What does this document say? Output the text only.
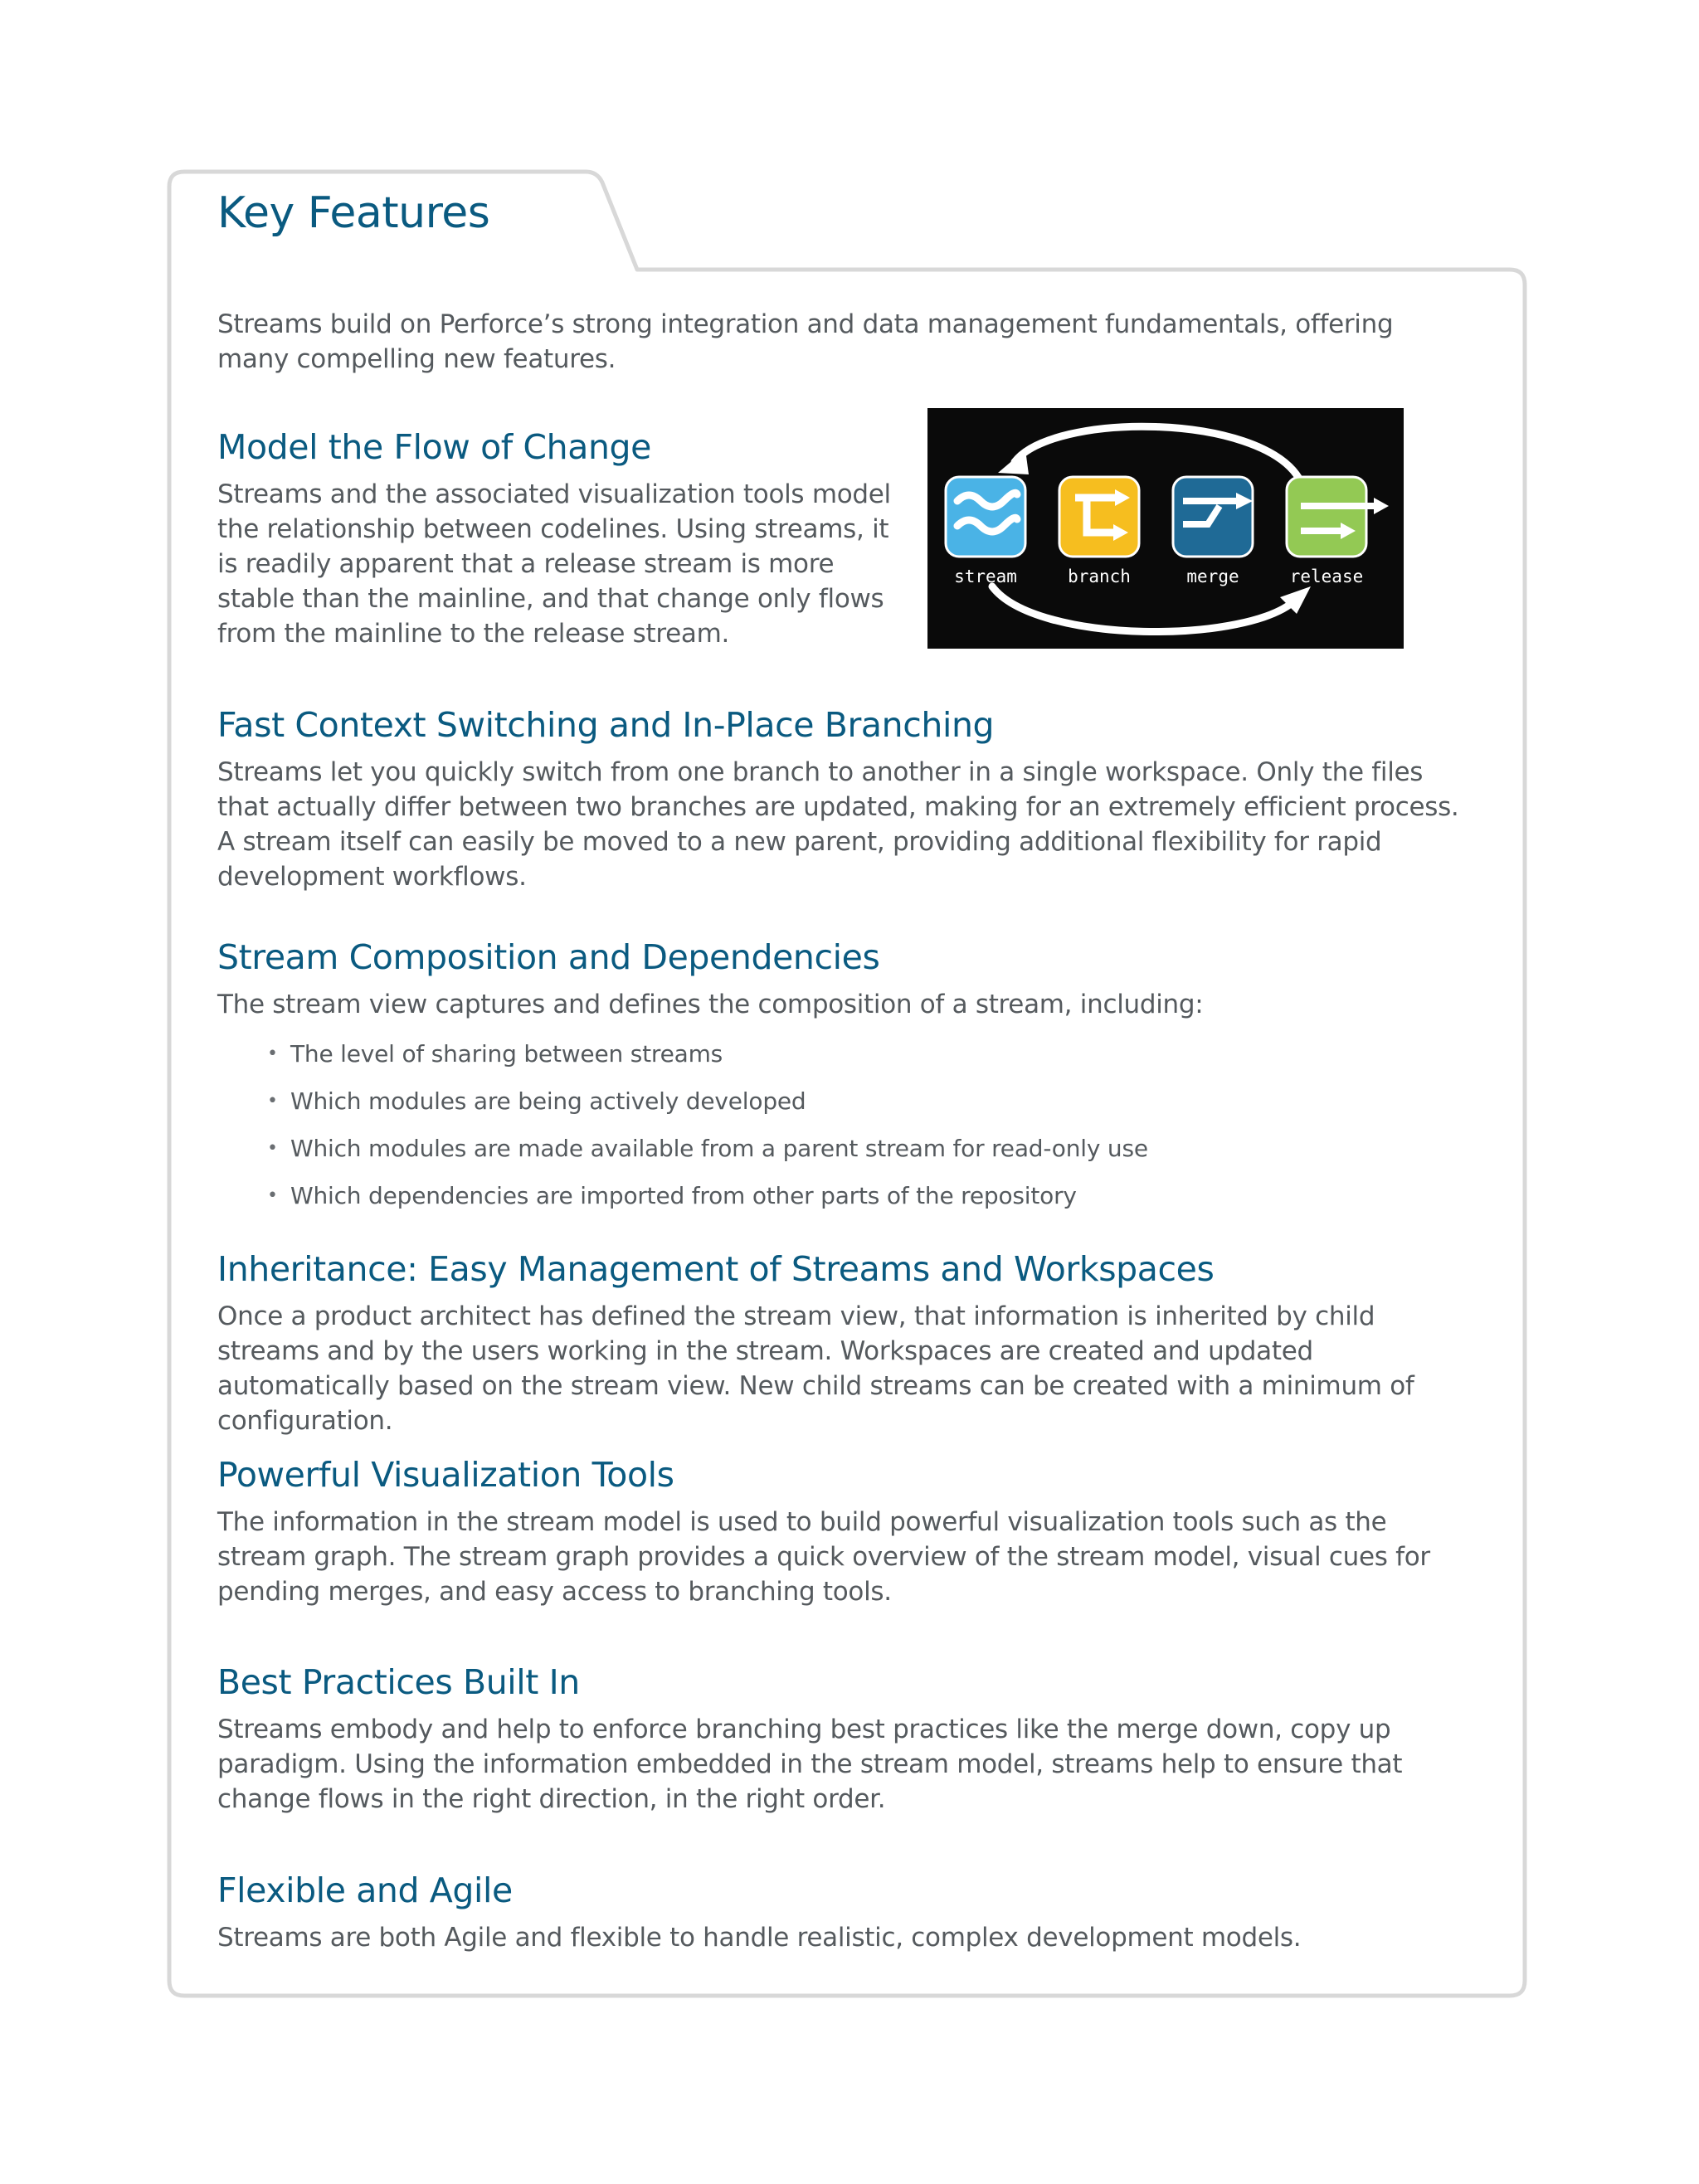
Key Features

Streams build on Perforce’s strong integration and data management fundamentals, offering many compelling new features.

Model the Flow of Change

Streams and the associated visualization tools model the relationship between codelines. Using streams, it is readily apparent that a release stream is more stable than the mainline, and that change only flows from the mainline to the release stream.

stream	branch	merge	release
Fast Context Switching and In-Place Branching

Streams let you quickly switch from one branch to another in a single workspace. Only the files that actually differ between two branches are updated, making for an extremely efficient process. A stream itself can easily be moved to a new parent, providing additional flexibility for rapid development workflows.

Stream Composition and Dependencies

The stream view captures and defines the composition of a stream, including:

• The level of sharing between streams
• Which modules are being actively developed
• Which modules are made available from a parent stream for read-only use
• Which dependencies are imported from other parts of the repository
Inheritance: Easy Management of Streams and Workspaces

Once a product architect has defined the stream view, that information is inherited by child streams and by the users working in the stream. Workspaces are created and updated automatically based on the stream view. New child streams can be created with a minimum of configuration.

Powerful Visualization Tools

The information in the stream model is used to build powerful visualization tools such as the stream graph. The stream graph provides a quick overview of the stream model, visual cues for pending merges, and easy access to branching tools.

Best Practices Built In

Streams embody and help to enforce branching best practices like the merge down, copy up paradigm. Using the information embedded in the stream model, streams help to ensure that change flows in the right direction, in the right order.

Flexible and Agile

Streams are both Agile and flexible to handle realistic, complex development models.
